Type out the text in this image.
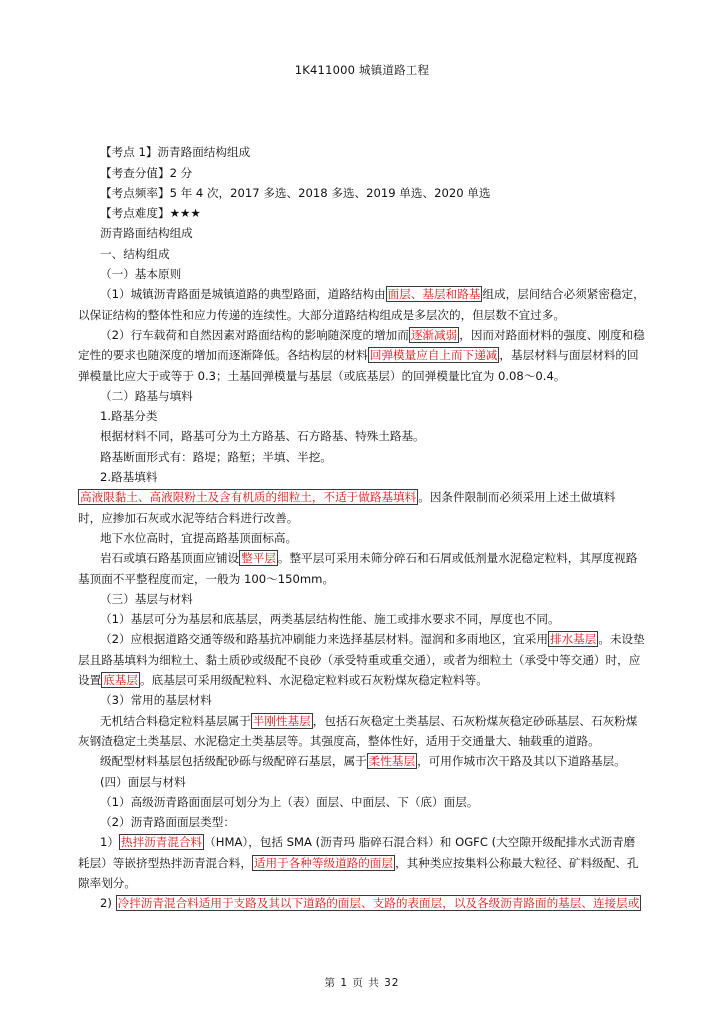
1K411000 城镇道路工程
【考点 1】沥青路面结构组成
【考查分值】2 分
【考点频率】5 年 4 次，2017 多选、2018 多选、2019 单选、2020 单选
【考点难度】★★★
沥青路面结构组成
一、结构组成
（一）基本原则
（1）城镇沥青路面是城镇道路的典型路面，道路结构由 面层、基层和路基 组成，层间结合必须紧密稳定，
以保证结构的整体性和应力传递的连续性。大部分道路结构组成是多层次的，但层数不宜过多。
（2）行车载荷和自然因素对路面结构的影响随深度的增加而 逐渐减弱 ，因而对路面材料的强度、刚度和稳
定性的要求也随深度的增加而逐渐降低。各结构层的材料 回弹模量应自上而下递减 ，基层材料与面层材料的回
弹模量比应大于或等于 0.3；土基回弹模量与基层（或底基层）的回弹模量比宜为 0.08～0.4。
（二）路基与填料
1.路基分类
根据材料不同，路基可分为土方路基、石方路基、特殊土路基。
路基断面形式有：路堤；路堑；半填、半挖。
2.路基填料
高液限黏土、高液限粉土及含有机质的细粒土，不适于做路基填料 。因条件限制而必须采用上述土做填料
时，应掺加石灰或水泥等结合料进行改善。
地下水位高时，宜提高路基顶面标高。
岩石或填石路基顶面应铺设 整平层 。整平层可采用未筛分碎石和石屑或低剂量水泥稳定粒料，其厚度视路
基顶面不平整程度而定，一般为 100～150mm。
（三）基层与材料
（1）基层可分为基层和底基层，两类基层结构性能、施工或排水要求不同，厚度也不同。
（2）应根据道路交通等级和路基抗冲刷能力来选择基层材料。湿润和多雨地区，宜采用 排水基层 。未设垫
层且路基填料为细粒土、黏土质砂或级配不良砂（承受特重或重交通），或者为细粒土（承受中等交通）时，应
设置 底基层 。底基层可采用级配粒料、水泥稳定粒料或石灰粉煤灰稳定粒料等。
（3）常用的基层材料
无机结合料稳定粒料基层属于 半刚性基层 ，包括石灰稳定土类基层、石灰粉煤灰稳定砂砾基层、石灰粉煤
灰钢渣稳定土类基层、水泥稳定土类基层等。其强度高，整体性好，适用于交通量大、轴载重的道路。
级配型材料基层包括级配砂砾与级配碎石基层，属于 柔性基层 ，可用作城市次干路及其以下道路基层。
(四）面层与材料
（1）高级沥青路面面层可划分为上（表）面层、中面层、下（底）面层。
（2）沥青路面面层类型：
1） 热拌沥青混合料 （HMA），包括 SMA (沥青玛 脂碎石混合料）和 OGFC (大空隙开级配排水式沥青磨
耗层）等嵌挤型热拌沥青混合料， 适用于各种等级道路的面层 ，其种类应按集料公称最大粒径、矿料级配、孔
隙率划分。
2) 冷拌沥青混合料适用于支路及其以下道路的面层、支路的表面层，以及各级沥青路面的基层、连接层或
第 1 页 共 32
